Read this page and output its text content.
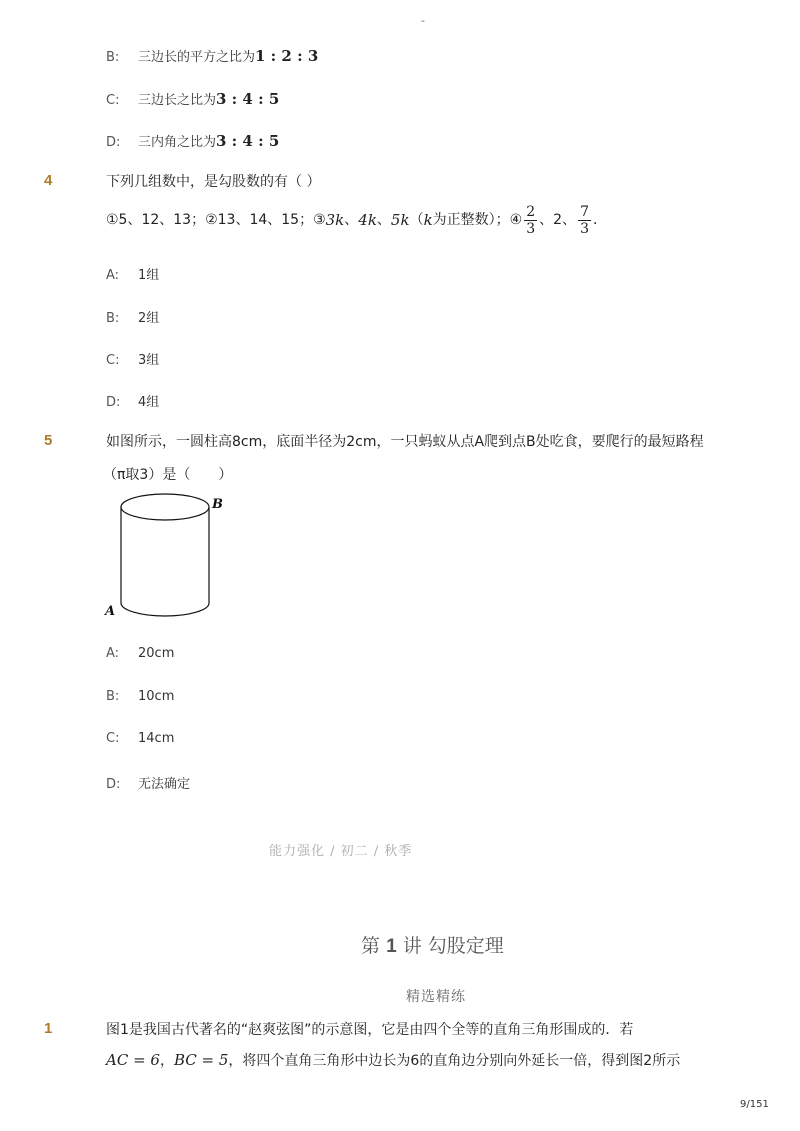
-
B: 三边长的平方之比为1 : 2 : 3
C: 三边长之比为3 : 4 : 5
D: 三内角之比为3 : 4 : 5
4	下列几组数中，是勾股数的有（ ）
①5、12、13；②13、14、15；③ 3k 、 4k 、 5k （ k 为正整数）；④ $\frac{2}{3}$ 、2、 $\frac{7}{3}$ ．
A: 1组
B: 2组
C: 3组
D: 4组
5	如图所示，一圆柱高8cm，底面半径为2cm，一只蚂蚁从点A爬到点B处吃食，要爬行的最短路程
（π取3）是（　　）
B
A
A: 20cm
B: 10cm
C: 14cm
D: 无法确定
能力强化 / 初二 / 秋季
第 1 讲 勾股定理
精选精练
1	图1是我国古代著名的“赵爽弦图”的示意图，它是由四个全等的直角三角形围成的．若
AC = 6，BC = 5，将四个直角三角形中边长为6的直角边分别向外延长一倍，得到图2所示
9/151
